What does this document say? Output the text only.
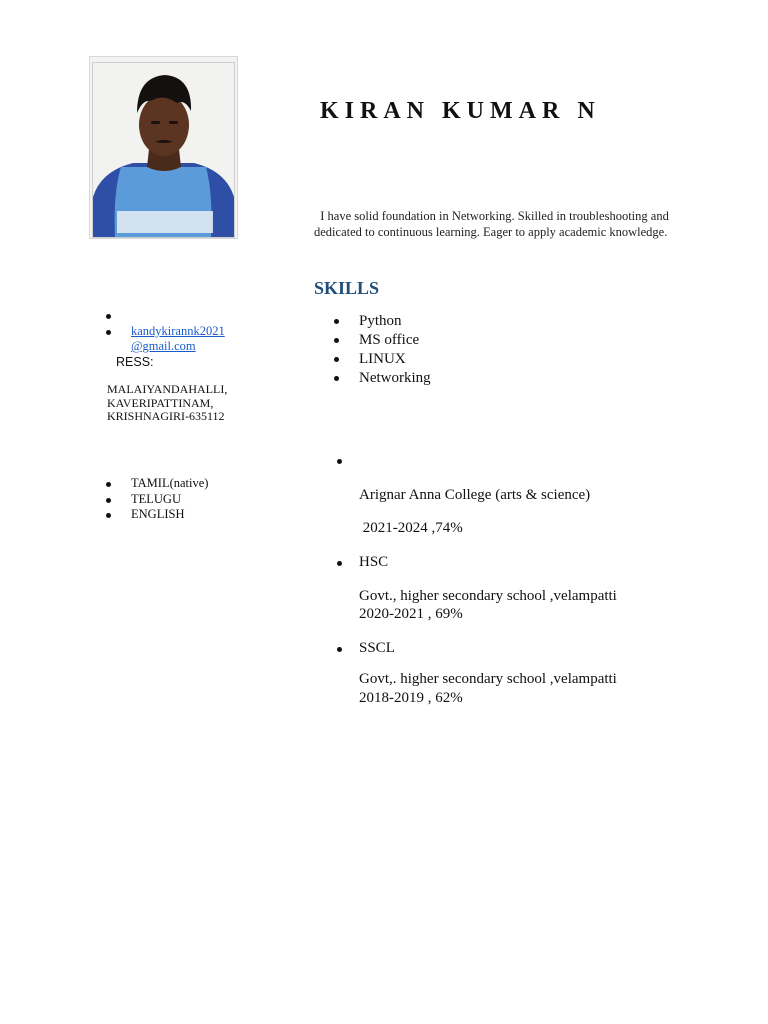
KIRAN KUMAR N
I have solid foundation in Networking. Skilled in troubleshooting and dedicated to continuous learning. Eager to apply academic knowledge.
SKILLS
Python
MS office
LINUX
Networking
kandykirannk2021
@gmail.com
RESS:
MALAIYANDAHALLI,
KAVERIPATTINAM,
KRISHNAGIRI-635112
TAMIL(native)
TELUGU
ENGLISH
Arignar Anna College (arts & science)
2021-2024 ,74%
HSC
Govt., higher secondary school ,velampatti
2020-2021 , 69%
SSCL
Govt,. higher secondary school ,velampatti
2018-2019 , 62%
